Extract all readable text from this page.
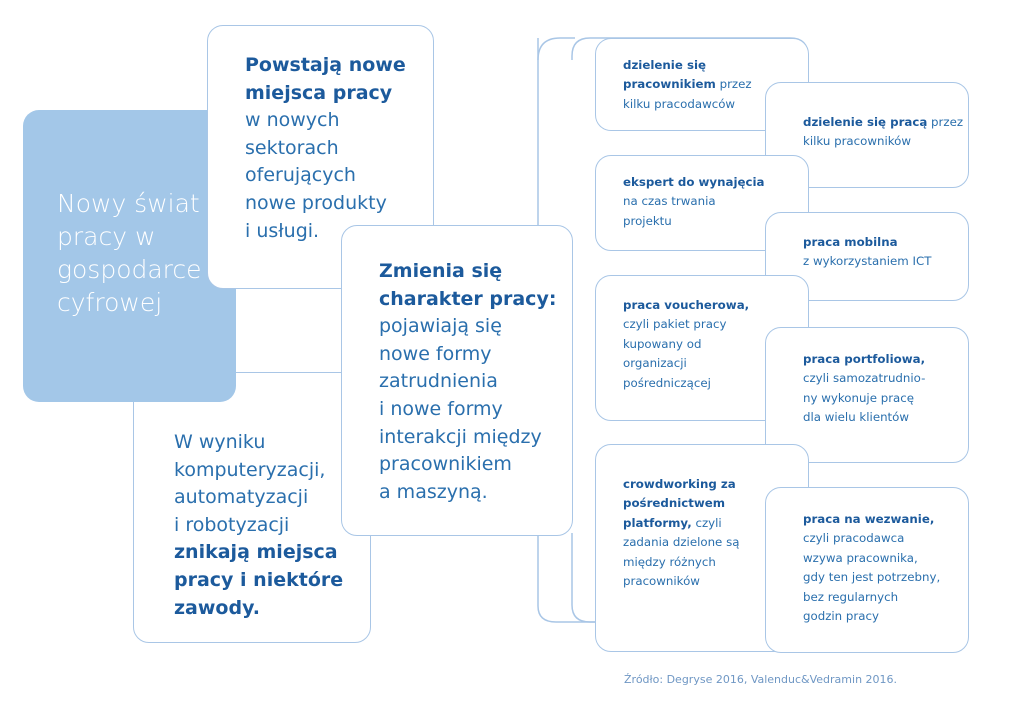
W wyniku
komputeryzacji,
automatyzacji
i robotyzacji
znikają miejsca
pracy i niektóre
zawody.
Nowy świat
pracy w
gospodarce
cyfrowej
Powstają nowe
miejsca pracy
w nowych
sektorach
oferujących
nowe produkty
i usługi.
Zmienia się
charakter pracy:
pojawiają się
nowe formy
zatrudnienia
i nowe formy
interakcji między
pracownikiem
a maszyną.
dzielenie się
pracownikiem przez
kilku pracodawców
dzielenie się pracą przez
kilku pracowników
ekspert do wynajęcia
na czas trwania
projektu
praca mobilna
z wykorzystaniem ICT
praca voucherowa,
czyli pakiet pracy
kupowany od
organizacji
pośredniczącej
praca portfoliowa,
czyli samozatrudnio-
ny wykonuje pracę
dla wielu klientów
crowdworking za
pośrednictwem
platformy, czyli
zadania dzielone są
między różnych
pracowników
praca na wezwanie,
czyli pracodawca
wzywa pracownika,
gdy ten jest potrzebny,
bez regularnych
godzin pracy
Źródło: Degryse 2016, Valenduc&Vedramin 2016.
